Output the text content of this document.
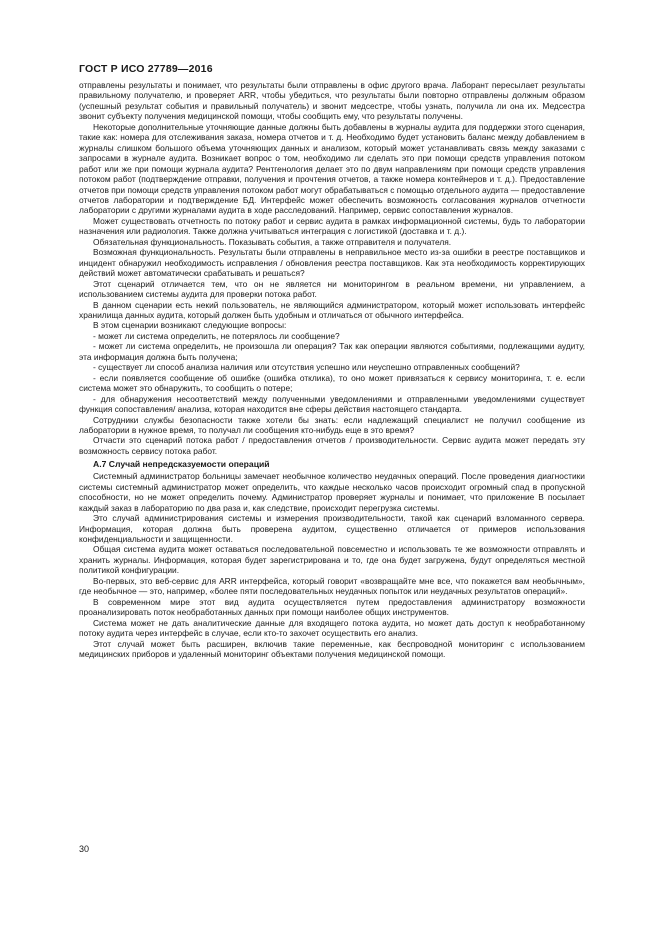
ГОСТ Р ИСО 27789—2016

отправлены результаты и понимает, что результаты были отправлены в офис другого врача. Лаборант пересылает результаты правильному получателю, и проверяет ARR, чтобы убедиться, что результаты были повторно отправлены должным образом (успешный результат события и правильный получатель) и звонит медсестре, чтобы узнать, получила ли она их. Медсестра звонит субъекту получения медицинской помощи, чтобы сообщить ему, что результаты получены.

Некоторые дополнительные уточняющие данные должны быть добавлены в журналы аудита для поддержки этого сценария, такие как: номера для отслеживания заказа, номера отчетов и т. д. Необходимо будет установить баланс между добавлением в журналы слишком большого объема уточняющих данных и анализом, который может устанавливать связь между заказами с запросами в журнале аудита. Возникает вопрос о том, необходимо ли сделать это при помощи средств управления потоком работ или же при помощи журнала аудита? Рентгенология делает это по двум направлениям при помощи средств управления потоком работ (подтверждение отправки, получения и прочтения отчетов, а также номера контейнеров и т. д.). Предоставление отчетов при помощи средств управления потоком работ могут обрабатываться с помощью отдельного аудита — предоставление отчетов лаборатории и подтверждение БД. Интерфейс может обеспечить возможность согласования журналов отчетности лаборатории с другими журналами аудита в ходе расследований. Например, сервис сопоставления журналов.

Может существовать отчетность по потоку работ и сервис аудита в рамках информационной системы, будь то лаборатории назначения или радиология. Также должна учитываться интеграция с логистикой (доставка и т. д.).

Обязательная функциональность. Показывать события, а также отправителя и получателя.

Возможная функциональность. Результаты были отправлены в неправильное место из-за ошибки в реестре поставщиков и инцидент обнаружил необходимость исправления / обновления реестра поставщиков. Как эта необходимость корректирующих действий может автоматически срабатывать и решаться?

Этот сценарий отличается тем, что он не является ни мониторингом в реальном времени, ни управлением, а использованием системы аудита для проверки потока работ.

В данном сценарии есть некий пользователь, не являющийся администратором, который может использовать интерфейс хранилища данных аудита, который должен быть удобным и отличаться от обычного интерфейса.

В этом сценарии возникают следующие вопросы:

- может ли система определить, не потерялось ли сообщение?

- может ли система определить, не произошла ли операция? Так как операции являются событиями, подлежащими аудиту, эта информация должна быть получена;

- существует ли способ анализа наличия или отсутствия успешно или неуспешно отправленных сообщений?

- если появляется сообщение об ошибке (ошибка отклика), то оно может привязаться к сервису мониторинга, т. е. если система может это обнаружить, то сообщить о потере;

- для обнаружения несоответствий между полученными уведомлениями и отправленными уведомлениями существует функция сопоставления/ анализа, которая находится вне сферы действия настоящего стандарта.

Сотрудники службы безопасности также хотели бы знать: если надлежащий специалист не получил сообщение из лаборатории в нужное время, то получал ли сообщения кто-нибудь еще в это время?

Отчасти это сценарий потока работ / предоставления отчетов / производительности. Сервис аудита может передать эту возможность сервису потока работ.

А.7 Случай непредсказуемости операций

Системный администратор больницы замечает необычное количество неудачных операций. После проведения диагностики системы системный администратор может определить, что каждые несколько часов происходит огромный спад в пропускной способности, но не может определить почему. Администратор проверяет журналы и понимает, что приложение B посылает каждый заказ в лабораторию по два раза и, как следствие, происходит перегрузка системы.

Это случай администрирования системы и измерения производительности, такой как сценарий взломанного сервера. Информация, которая должна быть проверена аудитом, существенно отличается от примеров использования конфиденциальности и защищенности.

Общая система аудита может оставаться последовательной повсеместно и использовать те же возможности отправлять и хранить журналы. Информация, которая будет зарегистрирована и то, где она будет загружена, будут определяться местной политикой конфигурации.

Во-первых, это веб-сервис для ARR интерфейса, который говорит «возвращайте мне все, что покажется вам необычным», где необычное — это, например, «более пяти последовательных неудачных попыток или неудачных результатов операций».

В современном мире этот вид аудита осуществляется путем предоставления администратору возможности проанализировать поток необработанных данных при помощи наиболее общих инструментов.

Система может не дать аналитические данные для входящего потока аудита, но может дать доступ к необработанному потоку аудита через интерфейс в случае, если кто-то захочет осуществить его анализ.

Этот случай может быть расширен, включив такие переменные, как беспроводной мониторинг с использованием медицинских приборов и удаленный мониторинг объектами получения медицинской помощи.

30
